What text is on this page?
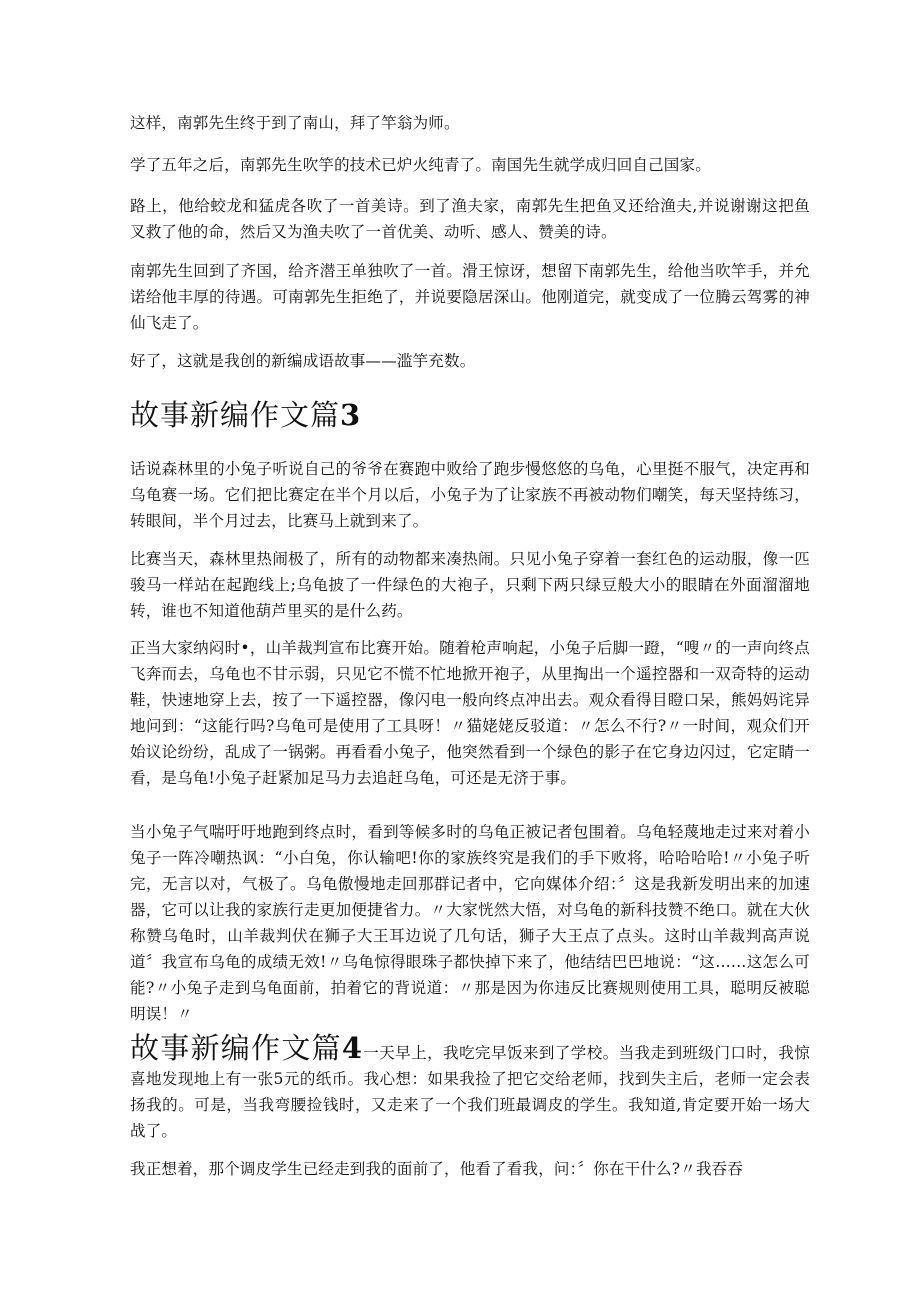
这样，南郭先生终于到了南山，拜了竿翁为师。

学了五年之后，南郭先生吹竽的技术已炉火纯青了。南国先生就学成归回自己国家。

路上，他给蛟龙和猛虎各吹了一首美诗。到了渔夫家，南郭先生把鱼叉还给渔夫,并说谢谢这把鱼叉救了他的命，然后又为渔夫吹了一首优美、动听、感人、赞美的诗。

南郭先生回到了齐国，给齐潜王单独吹了一首。滑王惊讶，想留下南郭先生，给他当吹竿手，并允诺给他丰厚的待遇。可南郭先生拒绝了，并说要隐居深山。他刚道完，就变成了一位腾云驾雾的神仙飞走了。

好了，这就是我创的新编成语故事——滥竽充数。

故事新编作文篇3

话说森林里的小兔子听说自己的爷爷在赛跑中败给了跑步慢悠悠的乌龟，心里挺不服气，决定再和乌龟赛一场。它们把比赛定在半个月以后，小兔子为了让家族不再被动物们嘲笑，每天坚持练习，转眼间，半个月过去，比赛马上就到来了。

比赛当天，森林里热闹极了，所有的动物都来凑热闹。只见小兔子穿着一套红色的运动服，像一匹骏马一样站在起跑线上;乌龟披了一件绿色的大袍子，只剩下两只绿豆般大小的眼睛在外面溜溜地转，谁也不知道他葫芦里买的是什么药。

正当大家纳闷时•，山羊裁判宣布比赛开始。随着枪声响起，小兔子后脚一蹬，“嗖〃的一声向终点飞奔而去，乌龟也不甘示弱，只见它不慌不忙地掀开袍子，从里掏出一个遥控器和一双奇特的运动鞋，快速地穿上去，按了一下遥控器，像闪电一般向终点冲出去。观众看得目瞪口呆，熊妈妈诧异地问到：“这能行吗?乌龟可是使用了工具呀！〃猫姥姥反驳道：〃怎么不行?〃一时间，观众们开始议论纷纷，乱成了一锅粥。再看看小兔子，他突然看到一个绿色的影子在它身边闪过，它定睛一看，是乌龟!小兔子赶紧加足马力去追赶乌龟，可还是无济于事。

当小兔子气喘吁吁地跑到终点时，看到等候多时的乌龟正被记者包围着。乌龟轻蔑地走过来对着小兔子一阵冷嘲热讽：“小白兔，你认输吧!你的家族终究是我们的手下败将，哈哈哈哈!〃小兔子听完，无言以对，气极了。乌龟傲慢地走回那群记者中，它向媒体介绍：〞这是我新发明出来的加速器，它可以让我的家族行走更加便捷省力。〃大家恍然大悟，对乌龟的新科技赞不绝口。就在大伙称赞乌龟时，山羊裁判伏在狮子大王耳边说了几句话，狮子大王点了点头。这时山羊裁判高声说道〞我宣布乌龟的成绩无效!〃乌龟惊得眼珠子都快掉下来了，他结结巴巴地说：“这……这怎么可能?〃小兔子走到乌龟面前，拍着它的背说道：〃那是因为你违反比赛规则使用工具，聪明反被聪明误！〃

故事新编作文篇4一天早上，我吃完早饭来到了学校。当我走到班级门口时，我惊喜地发现地上有一张5元的纸币。我心想：如果我捡了把它交给老师，找到失主后，老师一定会表扬我的。可是，当我弯腰捡钱时，又走来了一个我们班最调皮的学生。我知道,肯定要开始一场大战了。

我正想着，那个调皮学生已经走到我的面前了，他看了看我，问：〞你在干什么?〃我吞吞
